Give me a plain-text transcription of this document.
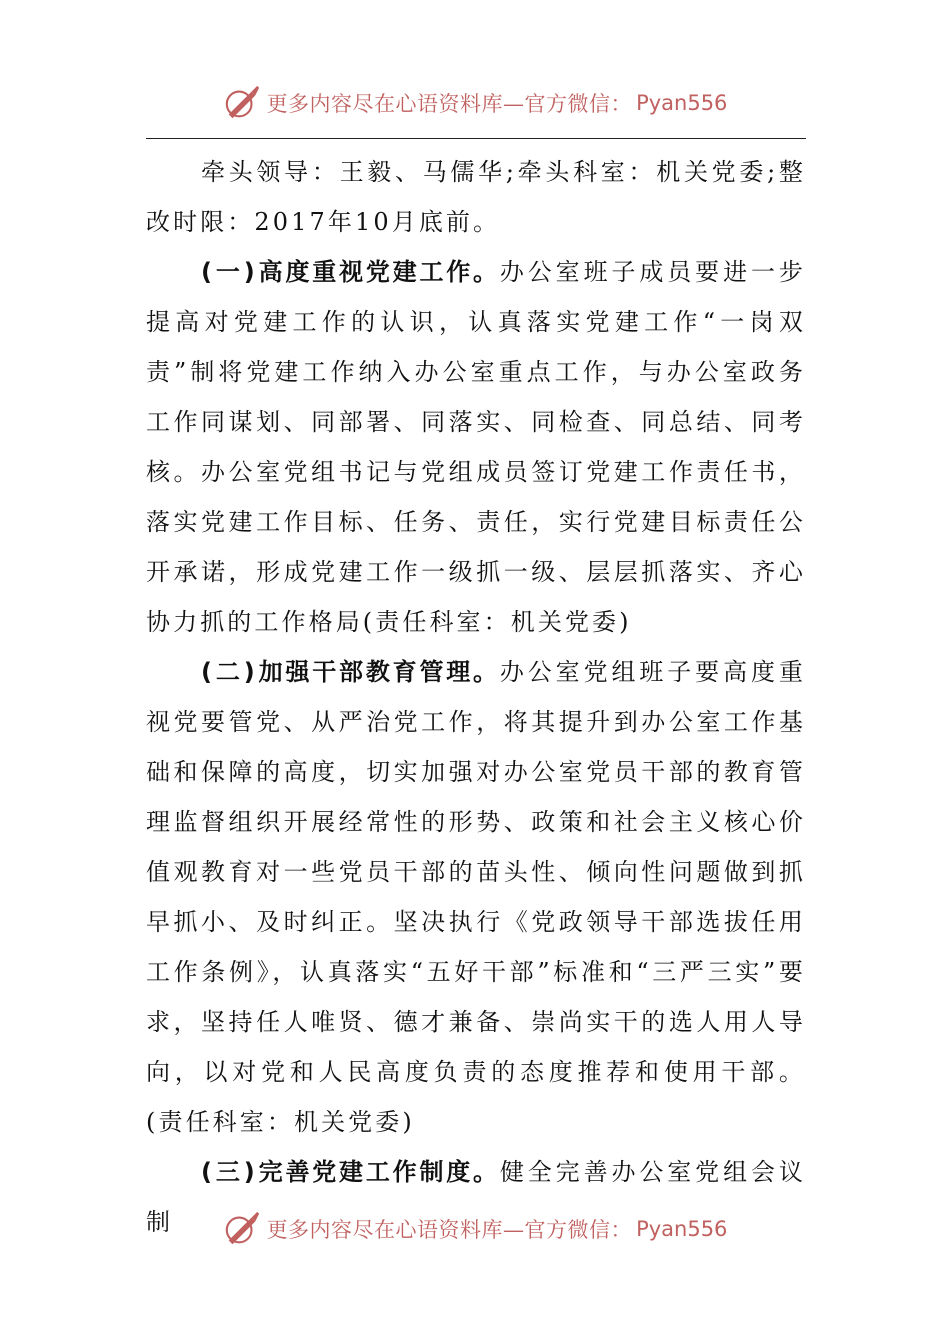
更多内容尽在心语资料库—官方微信： Pyan556

牵头领导：王毅、马儒华;牵头科室：机关党委;整改时限：2017年10月底前。

(一)高度重视党建工作。办公室班子成员要进一步提高对党建工作的认识，认真落实党建工作“一岗双责”制将党建工作纳入办公室重点工作，与办公室政务工作同谋划、同部署、同落实、同检查、同总结、同考核。办公室党组书记与党组成员签订党建工作责任书，落实党建工作目标、任务、责任，实行党建目标责任公开承诺，形成党建工作一级抓一级、层层抓落实、齐心协力抓的工作格局(责任科室：机关党委)

(二)加强干部教育管理。办公室党组班子要高度重视党要管党、从严治党工作，将其提升到办公室工作基础和保障的高度，切实加强对办公室党员干部的教育管理监督组织开展经常性的形势、政策和社会主义核心价值观教育对一些党员干部的苗头性、倾向性问题做到抓早抓小、及时纠正。坚决执行《党政领导干部选拔任用工作条例》，认真落实“五好干部”标准和“三严三实”要求，坚持任人唯贤、德才兼备、崇尚实干的选人用人导向，以对党和人民高度负责的态度推荐和使用干部。(责任科室：机关党委)

(三)完善党建工作制度。健全完善办公室党组会议制	更多内容尽在心语资料库—官方微信： Pyan556
